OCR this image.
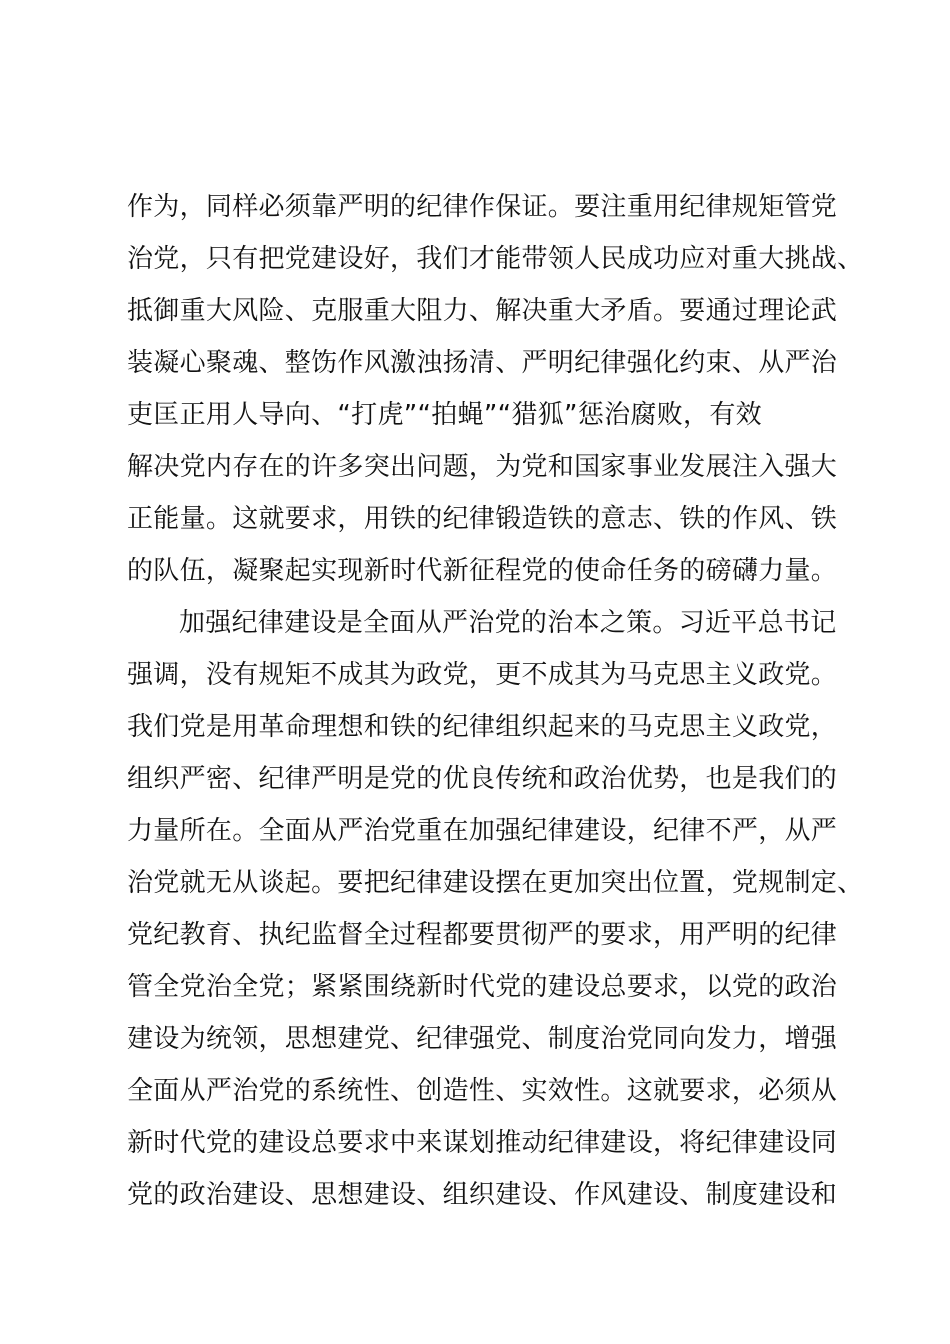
作为，同样必须靠严明的纪律作保证。要注重用纪律规矩管党
治党，只有把党建设好，我们才能带领人民成功应对重大挑战、
抵御重大风险、克服重大阻力、解决重大矛盾。要通过理论武
装凝心聚魂、整饬作风激浊扬清、严明纪律强化约束、从严治
吏匡正用人导向、“打虎”“拍蝇”“猎狐”惩治腐败，有效
解决党内存在的许多突出问题，为党和国家事业发展注入强大
正能量。这就要求，用铁的纪律锻造铁的意志、铁的作风、铁
的队伍，凝聚起实现新时代新征程党的使命任务的磅礴力量。
加强纪律建设是全面从严治党的治本之策。习近平总书记
强调，没有规矩不成其为政党，更不成其为马克思主义政党。
我们党是用革命理想和铁的纪律组织起来的马克思主义政党，
组织严密、纪律严明是党的优良传统和政治优势，也是我们的
力量所在。全面从严治党重在加强纪律建设，纪律不严，从严
治党就无从谈起。要把纪律建设摆在更加突出位置，党规制定、
党纪教育、执纪监督全过程都要贯彻严的要求，用严明的纪律
管全党治全党；紧紧围绕新时代党的建设总要求，以党的政治
建设为统领，思想建党、纪律强党、制度治党同向发力，增强
全面从严治党的系统性、创造性、实效性。这就要求，必须从
新时代党的建设总要求中来谋划推动纪律建设，将纪律建设同
党的政治建设、思想建设、组织建设、作风建设、制度建设和
